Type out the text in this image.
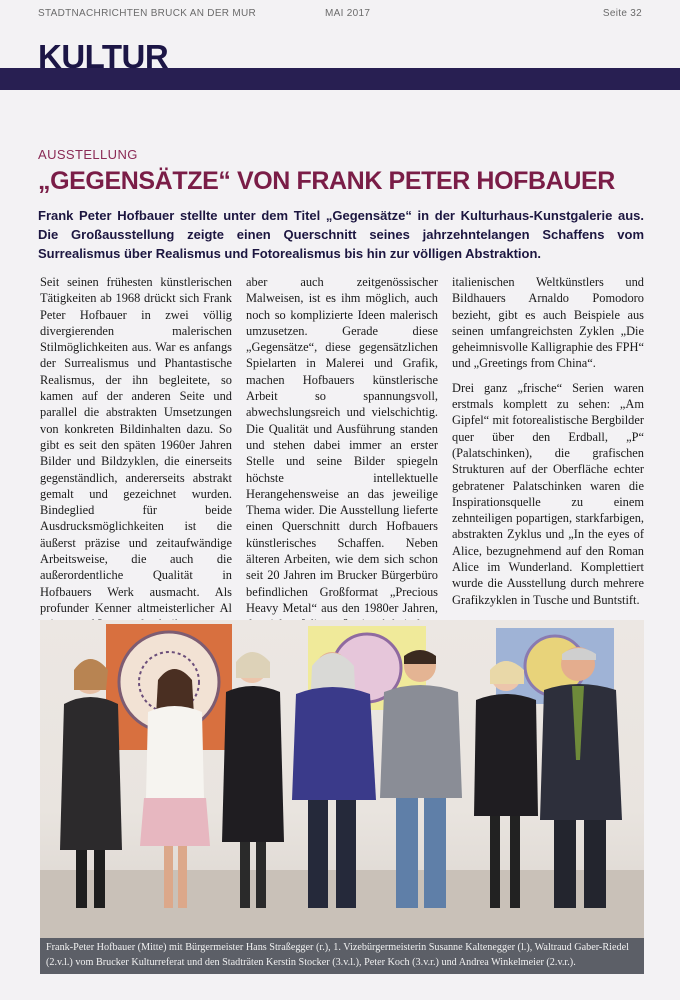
STADTNACHRICHTEN BRUCK AN DER MUR	MAI 2017	Seite 32
KULTUR
AUSSTELLUNG
„GEGENSÄTZE“ VON FRANK PETER HOFBAUER
Frank Peter Hofbauer stellte unter dem Titel „Gegensätze“ in der Kulturhaus-Kunstgalerie aus. Die Großausstellung zeigte einen Querschnitt seines jahrzehntelangen Schaffens vom Surrealismus über Realismus und Fotorealismus bis hin zur völligen Abstraktion.

Seit seinen frühesten künstlerischen Tätigkeiten ab 1968 drückt sich Frank Peter Hofbauer in zwei völlig divergierenden malerischen Stilmöglichkeiten aus. War es anfangs der Surrealismus und Phantastische Realismus, der ihn begleitete, so kamen auf der anderen Seite und parallel die abstrakten Umsetzungen von konkreten Bildinhalten dazu. So gibt es seit den späten 1960er Jahren Bilder und Bildzyklen, die einerseits gegenständlich, andererseits abstrakt gemalt und gezeichnet wurden. Bindeglied für beide Ausdrucksmöglichkeiten ist die äußerst präzise und zeitaufwändige Arbeitsweise, die auch die außerordentliche Qualität in Hofbauers Werk ausmacht. Als profunder Kenner altmeisterlicher Al

aber auch zeitgenössischer Malweisen, ist es ihm möglich, auch noch so komplizierte Ideen malerisch umzusetzen. Gerade diese „Gegensätze“, diese gegensätzlichen Spielarten in Malerei und Grafik, machen Hofbauers künstlerische Arbeit so spannungsvoll, abwechslungsreich und vielschichtig. Die Qualität und Ausführung standen und stehen dabei immer an erster Stelle und seine Bilder spiegeln höchste intellektuelle Herangehensweise an das jeweilige Thema wider. Die Ausstellung lieferte einen Querschnitt durch Hofbauers künstlerisches Schaffen. Neben älteren Arbeiten, wie dem sich schon seit 20 Jahren im Brucker Bürgerbüro befindlichen Großformat „Precious Heavy Metal“ aus den 1980er Jahren,

italienischen Weltkünstlers und Bildhauers Arnaldo Pomodoro bezieht, gibt es auch Beispiele aus seinen umfangreichsten Zyklen „Die geheimnisvolle Kalligraphie des FPH“ und „Greetings from China“.

Drei ganz „frische“ Serien waren erstmals komplett zu sehen: „Am Gipfel“ mit fotorealistische Bergbilder quer über den Erdball, „P“ (Palatschinken), die grafischen Strukturen auf der Oberfläche echter gebratener Palatschinken waren die Inspirationsquelle zu einem zehnteiligen popartigen, starkfarbigen, abstrakten Zyklus und „In the eyes of Alice, bezugnehmend auf den Roman Alice im Wunderland. Komplettiert wurde die Ausstellung durch mehrere Grafikzyklen in Tusche und Buntstift.

Frank-Peter Hofbauer (Mitte) mit Bürgermeister Hans Straßegger (r.), 1. Vizebürgermeisterin Susanne Kaltenegger (l.), Waltraud Gaber-Riedel (2.v.l.) vom Brucker Kulturreferat und den Stadträten Kerstin Stocker (3.v.l.), Peter Koch (3.v.r.) und Andrea Winkelmeier (2.v.r.).
